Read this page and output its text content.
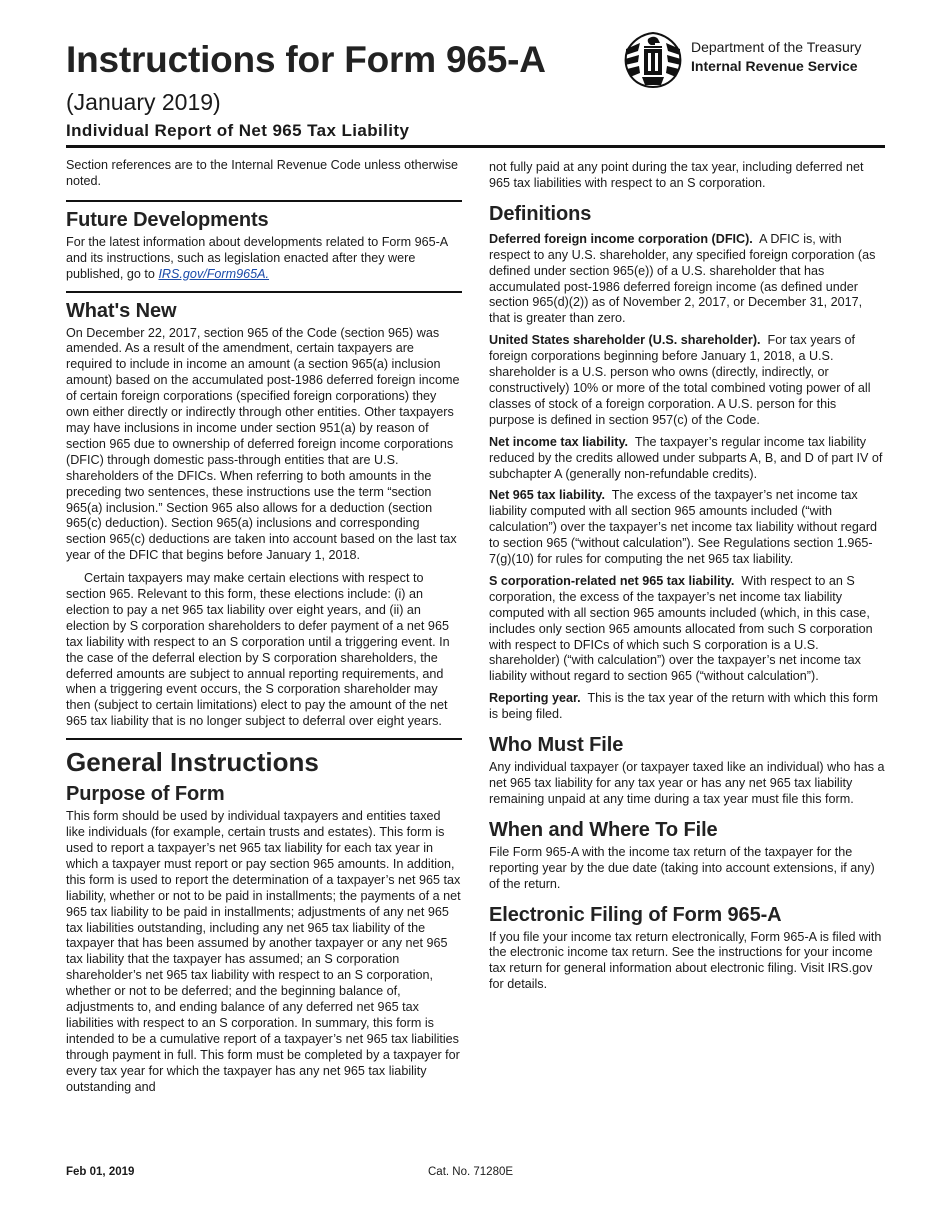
Instructions for Form 965-A
(January 2019)
Individual Report of Net 965 Tax Liability
Department of the Treasury
Internal Revenue Service

Section references are to the Internal Revenue Code unless otherwise noted.

Future Developments

For the latest information about developments related to Form 965-A and its instructions, such as legislation enacted after they were published, go to IRS.gov/Form965A.

What's New

On December 22, 2017, section 965 of the Code (section 965) was amended. As a result of the amendment, certain taxpayers are required to include in income an amount (a section 965(a) inclusion amount) based on the accumulated post-1986 deferred foreign income of certain foreign corporations (specified foreign corporations) they own either directly or indirectly through other entities. Other taxpayers may have inclusions in income under section 951(a) by reason of section 965 due to ownership of deferred foreign income corporations (DFIC) through domestic pass-through entities that are U.S. shareholders of the DFICs. When referring to both amounts in the preceding two sentences, these instructions use the term “section 965(a) inclusion.” Section 965 also allows for a deduction (section 965(c) deduction). Section 965(a) inclusions and corresponding section 965(c) deductions are taken into account based on the last tax year of the DFIC that begins before January 1, 2018.

Certain taxpayers may make certain elections with respect to section 965. Relevant to this form, these elections include: (i) an election to pay a net 965 tax liability over eight years, and (ii) an election by S corporation shareholders to defer payment of a net 965 tax liability with respect to an S corporation until a triggering event. In the case of the deferral election by S corporation shareholders, the deferred amounts are subject to annual reporting requirements, and when a triggering event occurs, the S corporation shareholder may then (subject to certain limitations) elect to pay the amount of the net 965 tax liability that is no longer subject to deferral over eight years.

General Instructions
Purpose of Form

This form should be used by individual taxpayers and entities taxed like individuals (for example, certain trusts and estates). This form is used to report a taxpayer’s net 965 tax liability for each tax year in which a taxpayer must report or pay section 965 amounts. In addition, this form is used to report the determination of a taxpayer’s net 965 tax liability, whether or not to be paid in installments; the payments of a net 965 tax liability to be paid in installments; adjustments of any net 965 tax liabilities outstanding, including any net 965 tax liability of the taxpayer that has been assumed by another taxpayer or any net 965 tax liability that the taxpayer has assumed; an S corporation shareholder’s net 965 tax liability with respect to an S corporation, whether or not to be deferred; and the beginning balance of, adjustments to, and ending balance of any deferred net 965 tax liabilities with respect to an S corporation. In summary, this form is intended to be a cumulative report of a taxpayer’s net 965 tax liabilities through payment in full. This form must be completed by a taxpayer for every tax year for which the taxpayer has any net 965 tax liability outstanding and

not fully paid at any point during the tax year, including deferred net 965 tax liabilities with respect to an S corporation.

Definitions

Deferred foreign income corporation (DFIC). A DFIC is, with respect to any U.S. shareholder, any specified foreign corporation (as defined under section 965(e)) of a U.S. shareholder that has accumulated post-1986 deferred foreign income (as defined under section 965(d)(2)) as of November 2, 2017, or December 31, 2017, that is greater than zero.

United States shareholder (U.S. shareholder). For tax years of foreign corporations beginning before January 1, 2018, a U.S. shareholder is a U.S. person who owns (directly, indirectly, or constructively) 10% or more of the total combined voting power of all classes of stock of a foreign corporation. A U.S. person for this purpose is defined in section 957(c) of the Code.

Net income tax liability. The taxpayer’s regular income tax liability reduced by the credits allowed under subparts A, B, and D of part IV of subchapter A (generally non-refundable credits).

Net 965 tax liability. The excess of the taxpayer’s net income tax liability computed with all section 965 amounts included (“with calculation”) over the taxpayer’s net income tax liability without regard to section 965 (“without calculation”). See Regulations section 1.965-7(g)(10) for rules for computing the net 965 tax liability.

S corporation-related net 965 tax liability. With respect to an S corporation, the excess of the taxpayer’s net income tax liability computed with all section 965 amounts included (which, in this case, includes only section 965 amounts allocated from such S corporation with respect to DFICs of which such S corporation is a U.S. shareholder) (“with calculation”) over the taxpayer’s net income tax liability without regard to section 965 (“without calculation”).

Reporting year. This is the tax year of the return with which this form is being filed.

Who Must File

Any individual taxpayer (or taxpayer taxed like an individual) who has a net 965 tax liability for any tax year or has any net 965 tax liability remaining unpaid at any time during a tax year must file this form.

When and Where To File

File Form 965-A with the income tax return of the taxpayer for the reporting year by the due date (taking into account extensions, if any) of the return.

Electronic Filing of Form 965-A

If you file your income tax return electronically, Form 965-A is filed with the electronic income tax return. See the instructions for your income tax return for general information about electronic filing. Visit IRS.gov for details.

Feb 01, 2019	Cat. No. 71280E
